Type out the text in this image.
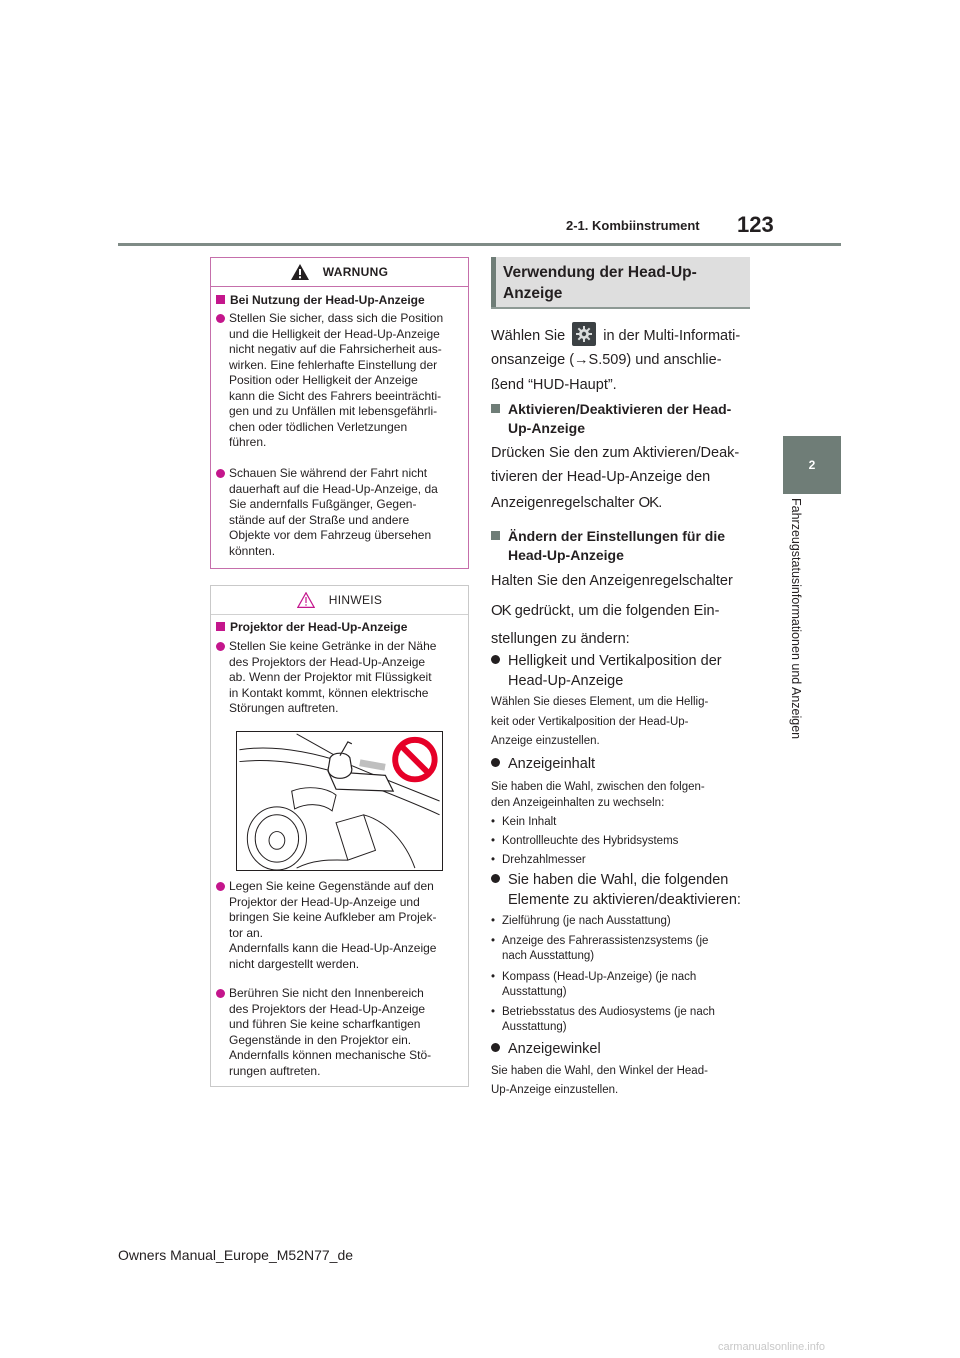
2-1. Kombiinstrument 123
2
Fahrzeugstatusinformationen und Anzeigen
WARNUNG
Bei Nutzung der Head-Up-Anzeige
Stellen Sie sicher, dass sich die Position
und die Helligkeit der Head-Up-Anzeige
nicht negativ auf die Fahrsicherheit aus-
wirken. Eine fehlerhafte Einstellung der
Position oder Helligkeit der Anzeige
kann die Sicht des Fahrers beeinträchti-
gen und zu Unfällen mit lebensgefährli-
chen oder tödlichen Verletzungen
führen.
Schauen Sie während der Fahrt nicht
dauerhaft auf die Head-Up-Anzeige, da
Sie andernfalls Fußgänger, Gegen-
stände auf der Straße und andere
Objekte vor dem Fahrzeug übersehen
könnten.
HINWEIS
Projektor der Head-Up-Anzeige
Stellen Sie keine Getränke in der Nähe
des Projektors der Head-Up-Anzeige
ab. Wenn der Projektor mit Flüssigkeit
in Kontakt kommt, können elektrische
Störungen auftreten.
Legen Sie keine Gegenstände auf den
Projektor der Head-Up-Anzeige und
bringen Sie keine Aufkleber am Projek-
tor an.
Andernfalls kann die Head-Up-Anzeige
nicht dargestellt werden.
Berühren Sie nicht den Innenbereich
des Projektors der Head-Up-Anzeige
und führen Sie keine scharfkantigen
Gegenstände in den Projektor ein.
Andernfalls können mechanische Stö-
rungen auftreten.
Verwendung der Head-Up-
Anzeige
Wählen Sie	in der Multi-Informati-
onsanzeige (→S.509) und anschlie-
ßend “HUD-Haupt”.
Aktivieren/Deaktivieren der Head-
Up-Anzeige
Drücken Sie den zum Aktivieren/Deak-
tivieren der Head-Up-Anzeige den
Anzeigenregelschalter OK.
Ändern der Einstellungen für die
Head-Up-Anzeige
Halten Sie den Anzeigenregelschalter
OK gedrückt, um die folgenden Ein-
stellungen zu ändern:
Helligkeit und Vertikalposition der
Head-Up-Anzeige
Wählen Sie dieses Element, um die Hellig-
keit oder Vertikalposition der Head-Up-
Anzeige einzustellen.
Anzeigeinhalt
Sie haben die Wahl, zwischen den folgen-
den Anzeigeinhalten zu wechseln:
• Kein Inhalt
• Kontrollleuchte des Hybridsystems
• Drehzahlmesser
Sie haben die Wahl, die folgenden
Elemente zu aktivieren/deaktivieren:
• Zielführung (je nach Ausstattung)
• Anzeige des Fahrerassistenzsystems (je
nach Ausstattung)
• Kompass (Head-Up-Anzeige) (je nach
Ausstattung)
• Betriebsstatus des Audiosystems (je nach
Ausstattung)
Anzeigewinkel
Sie haben die Wahl, den Winkel der Head-
Up-Anzeige einzustellen.
Owners Manual_Europe_M52N77_de
carmanualsonline.info
